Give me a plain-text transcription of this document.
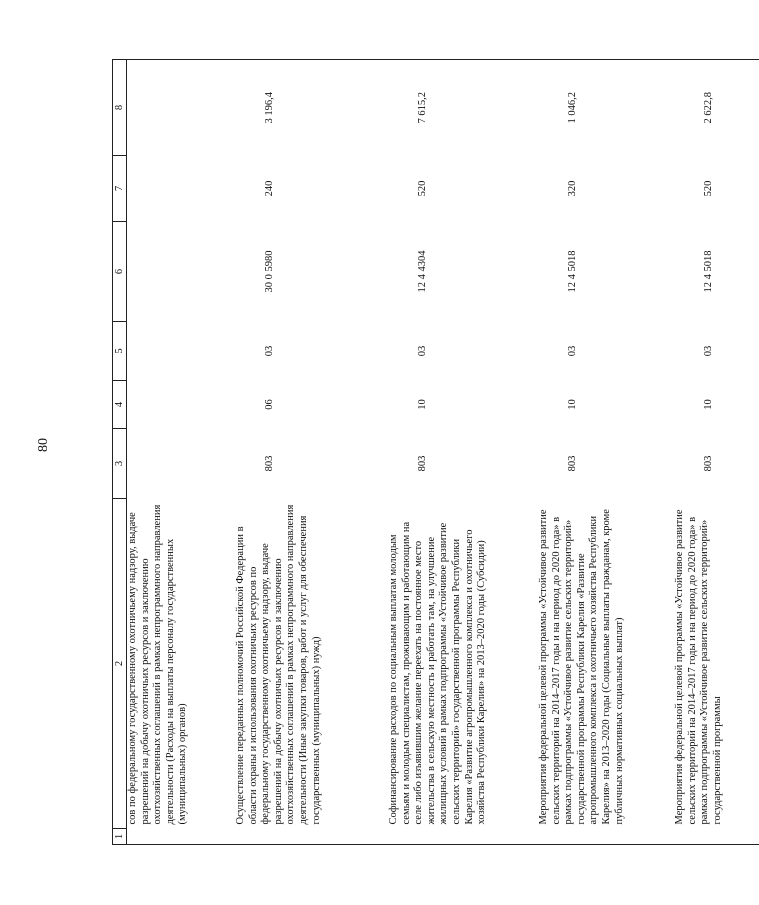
80
1	2	3	4	5	6	7	8
	сов по федеральному государственному охотничьему надзору, выдаче разрешений на добычу охотничьих ресурсов и заключению охотхозяйственных соглашений в рамках непрограммного направления деятельности (Расходы на выплаты персоналу государственных (муниципальных) органов)						
	Осуществление переданных полномочий Российской Федерации в области охраны и использования охотничьих ресурсов по федеральному государственному охотничьему надзору, выдаче разрешений на добычу охотничьих ресурсов и заключению охотхозяйственных соглашений в рамках непрограммного направления деятельности (Иные закупки товаров, работ и услуг для обеспечения государственных (муниципальных) нужд)	803	06	03	30 0 5980	240	3 196,4
	Софинансирование расходов по социальным выплатам молодым семьям и молодым специалистам, проживающим и работающим на селе либо изъявившим желание переехать на постоянное место жительства в сельскую местность и работать там, на улучшение жилищных условий в рамках подпрограммы «Устойчивое развитие сельских территорий» государственной программы Республики Карелия «Развитие агропромышленного комплекса и охотничьего хозяйства Республики Карелия» на 2013–2020 годы (Субсидии)	803	10	03	12 4 4304	520	7 615,2
	Мероприятия федеральной целевой программы «Устойчивое развитие сельских территорий на 2014–2017 годы и на период до 2020 года» в рамках подпрограммы «Устойчивое развитие сельских территорий» государственной программы Республики Карелия «Развитие агропромышленного комплекса и охотничьего хозяйства Республики Карелия» на 2013–2020 годы (Социальные выплаты гражданам, кроме публичных нормативных социальных выплат)	803	10	03	12 4 5018	320	1 046,2
	Мероприятия федеральной целевой программы «Устойчивое развитие сельских территорий на 2014–2017 годы и на период до 2020 года» в рамках подпрограммы «Устойчивое развитие сельских территорий» государственной программы	803	10	03	12 4 5018	520	2 622,8
